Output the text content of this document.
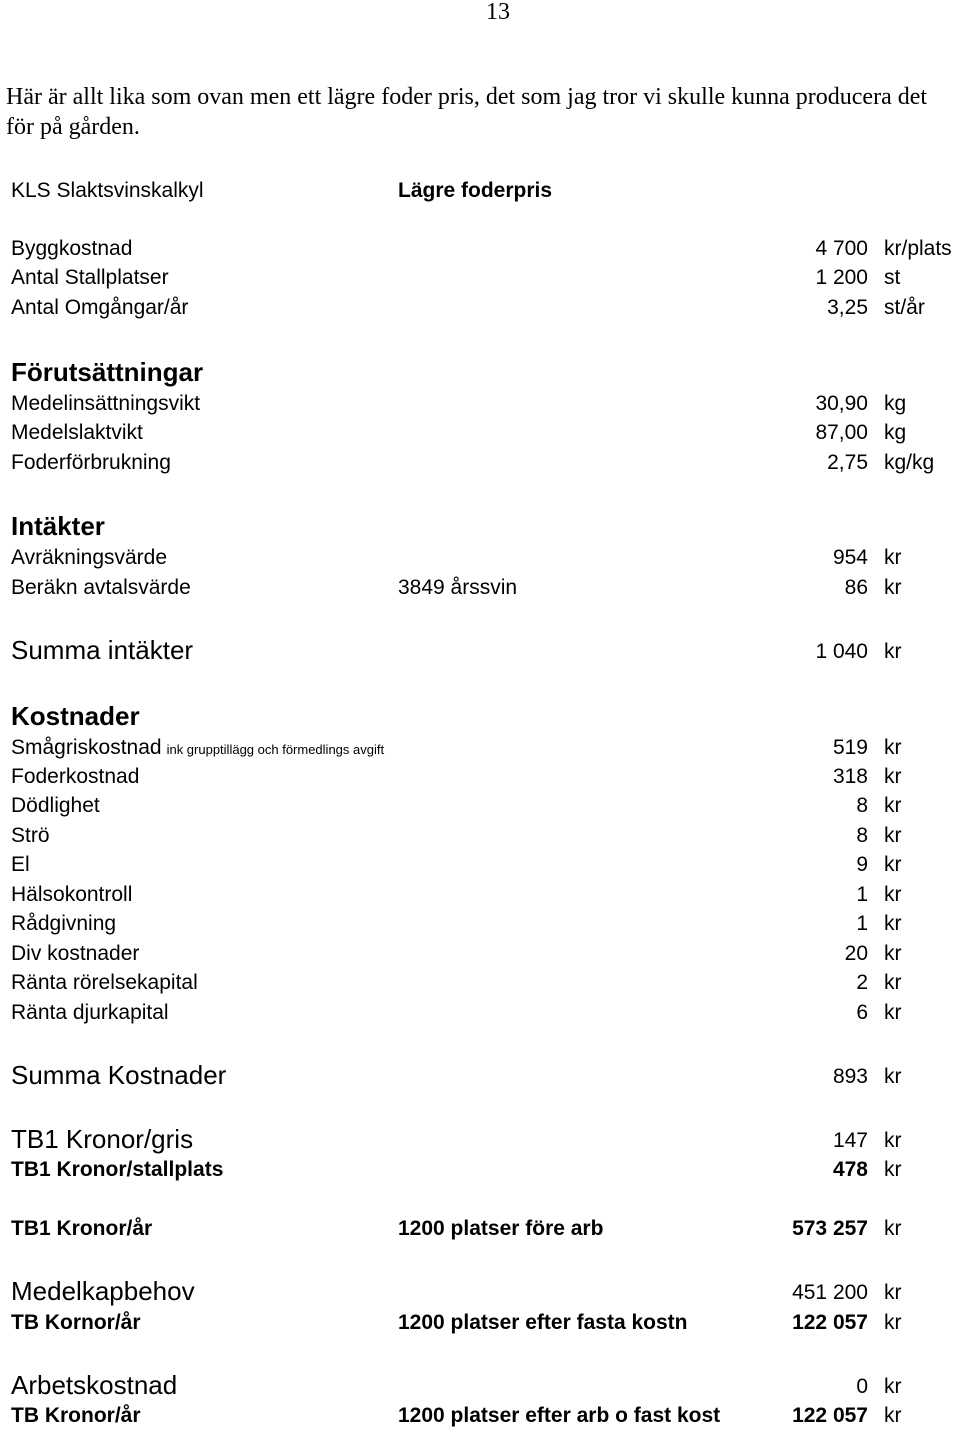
13
Här är allt lika som ovan men ett lägre foder pris, det som jag tror vi skulle kunna producera det för på gården.
KLS Slaktsvinskalkyl	Lägre foderpris
Byggkostnad	4 700 kr/plats
Antal Stallplatser	1 200 st
Antal Omgångar/år	3,25 st/år
Förutsättningar
Medelinsättningsvikt	30,90 kg
Medelslaktvikt	87,00 kg
Foderförbrukning	2,75 kg/kg
Intäkter
Avräkningsvärde	954 kr
Beräkn avtalsvärde	3849 årssvin	86 kr
Summa intäkter	1 040 kr
Kostnader
Smågriskostnad ink grupptillägg och förmedlings avgift	519 kr
Foderkostnad	318 kr
Dödlighet	8 kr
Strö	8 kr
El	9 kr
Hälsokontroll	1 kr
Rådgivning	1 kr
Div kostnader	20 kr
Ränta rörelsekapital	2 kr
Ränta djurkapital	6 kr
Summa Kostnader	893 kr
TB1 Kronor/gris	147 kr
TB1 Kronor/stallplats	478 kr
TB1 Kronor/år	1200 platser före arb	573 257 kr
Medelkapbehov	451 200 kr
TB Kornor/år	1200 platser efter fasta kostn	122 057 kr
Arbetskostnad	0 kr
TB Kronor/år	1200 platser efter arb o fast kost	122 057 kr
